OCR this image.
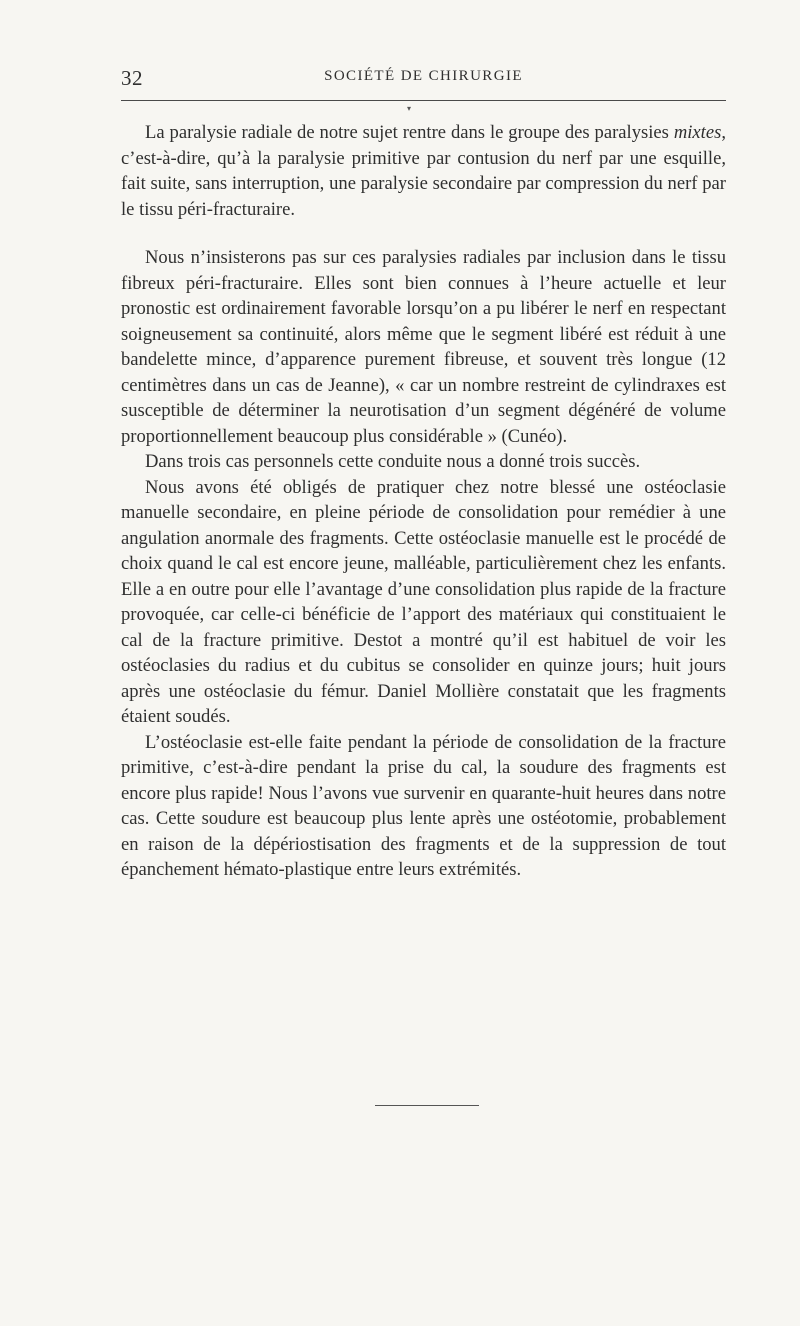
32	SOCIÉTÉ DE CHIRURGIE
▾

La paralysie radiale de notre sujet rentre dans le groupe des paralysies mixtes, c’est-à-dire, qu’à la paralysie primitive par contusion du nerf par une esquille, fait suite, sans interruption, une paralysie secondaire par compression du nerf par le tissu péri-fracturaire.

Nous n’insisterons pas sur ces paralysies radiales par inclusion dans le tissu fibreux péri-fracturaire. Elles sont bien connues à l’heure actuelle et leur pronostic est ordinairement favorable lorsqu’on a pu libérer le nerf en respectant soigneusement sa continuité, alors même que le segment libéré est réduit à une bandelette mince, d’apparence purement fibreuse, et souvent très longue (12 centimètres dans un cas de Jeanne), « car un nombre restreint de cylindraxes est susceptible de déterminer la neurotisation d’un segment dégénéré de volume proportionnellement beaucoup plus considérable » (Cunéo).

Dans trois cas personnels cette conduite nous a donné trois succès.

Nous avons été obligés de pratiquer chez notre blessé une ostéoclasie manuelle secondaire, en pleine période de consolidation pour remédier à une angulation anormale des fragments. Cette ostéoclasie manuelle est le procédé de choix quand le cal est encore jeune, malléable, particulièrement chez les enfants. Elle a en outre pour elle l’avantage d’une consolidation plus rapide de la fracture provoquée, car celle-ci bénéficie de l’apport des matériaux qui constituaient le cal de la fracture primitive. Destot a montré qu’il est habituel de voir les ostéoclasies du radius et du cubitus se consolider en quinze jours; huit jours après une ostéoclasie du fémur. Daniel Mollière constatait que les fragments étaient soudés.

L’ostéoclasie est-elle faite pendant la période de consolidation de la fracture primitive, c’est-à-dire pendant la prise du cal, la soudure des fragments est encore plus rapide! Nous l’avons vue survenir en quarante-huit heures dans notre cas. Cette soudure est beaucoup plus lente après une ostéotomie, probablement en raison de la dépériostisation des fragments et de la suppression de tout épanchement hémato-plastique entre leurs extrémités.
